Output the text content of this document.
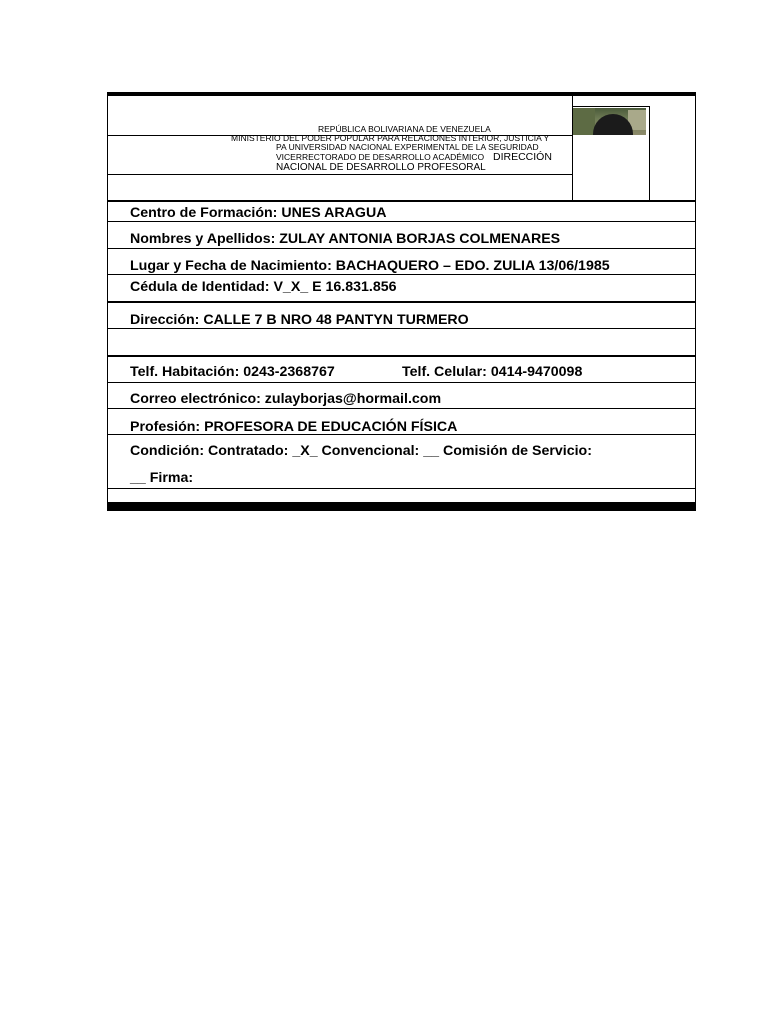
REPÚBLICA BOLIVARIANA DE VENEZUELA
MINISTERIO DEL PODER POPULAR PARA RELACIONES INTERIOR, JUSTICIA Y
PA UNIVERSIDAD NACIONAL EXPERIMENTAL DE LA SEGURIDAD
VICERRECTORADO DE DESARROLLO ACADÉMICO DIRECCIÓN
NACIONAL DE DESARROLLO PROFESORAL
Centro de Formación: UNES ARAGUA
Nombres y Apellidos: ZULAY ANTONIA BORJAS COLMENARES
Lugar y Fecha de Nacimiento: BACHAQUERO – EDO. ZULIA 13/06/1985
Cédula de Identidad: V_X_ E 16.831.856
Dirección: CALLE 7 B NRO 48 PANTYN TURMERO
Telf. Habitación: 0243-2368767	Telf. Celular: 0414-9470098
Correo electrónico: zulayborjas@hormail.com
Profesión: PROFESORA DE EDUCACIÓN FÍSICA
Condición: Contratado: _X_ Convencional: __ Comisión de Servicio:
__ Firma:
